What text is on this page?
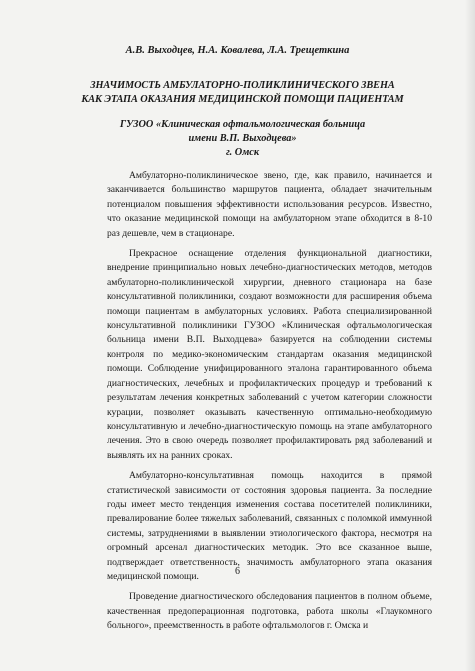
А.В. Выходцев, Н.А. Ковалева, Л.А. Трещеткина
ЗНАЧИМОСТЬ АМБУЛАТОРНО-ПОЛИКЛИНИЧЕСКОГО ЗВЕНА
КАК ЭТАПА ОКАЗАНИЯ МЕДИЦИНСКОЙ ПОМОЩИ ПАЦИЕНТАМ
ГУЗОО «Клиническая офтальмологическая больница
имени В.П. Выходцева»
г. Омск

Амбулаторно-поликлиническое звено, где, как правило, начинается и заканчивается большинство маршрутов пациента, обладает значительным потенциалом повышения эффективности использования ресурсов. Известно, что оказание медицинской помощи на амбулаторном этапе обходится в 8-10 раз дешевле, чем в стационаре.

Прекрасное оснащение отделения функциональной диагностики, внедрение принципиально новых лечебно-диагностических методов, методов амбулаторно-поликлинической хирургии, дневного стационара на базе консультативной поликлиники, создают возможности для расширения объема помощи пациентам в амбулаторных условиях. Работа специализированной консультативной поликлиники ГУЗОО «Клиническая офтальмологическая больница имени В.П. Выходцева» базируется на соблюдении системы контроля по медико-экономическим стандартам оказания медицинской помощи. Соблюдение унифицированного эталона гарантированного объема диагностических, лечебных и профилактических процедур и требований к результатам лечения конкретных заболеваний с учетом категории сложности курации, позволяет оказывать качественную оптимально-необходимую консультативную и лечебно-диагностическую помощь на этапе амбулаторного лечения. Это в свою очередь позволяет профилактировать ряд заболеваний и выявлять их на ранних сроках.

Амбулаторно-консультативная помощь находится в прямой статистической зависимости от состояния здоровья пациента. За последние годы имеет место тенденция изменения состава посетителей поликлиники, превалирование более тяжелых заболеваний, связанных с поломкой иммунной системы, затруднениями в выявлении этиологического фактора, несмотря на огромный арсенал диагностических методик. Это все сказанное выше, подтверждает ответственность, значимость амбулаторного этапа оказания медицинской помощи.

Проведение диагностического обследования пациентов в полном объеме, качественная предоперационная подготовка, работа школы «Глаукомного больного», преемственность в работе офтальмологов г. Омска и

6
